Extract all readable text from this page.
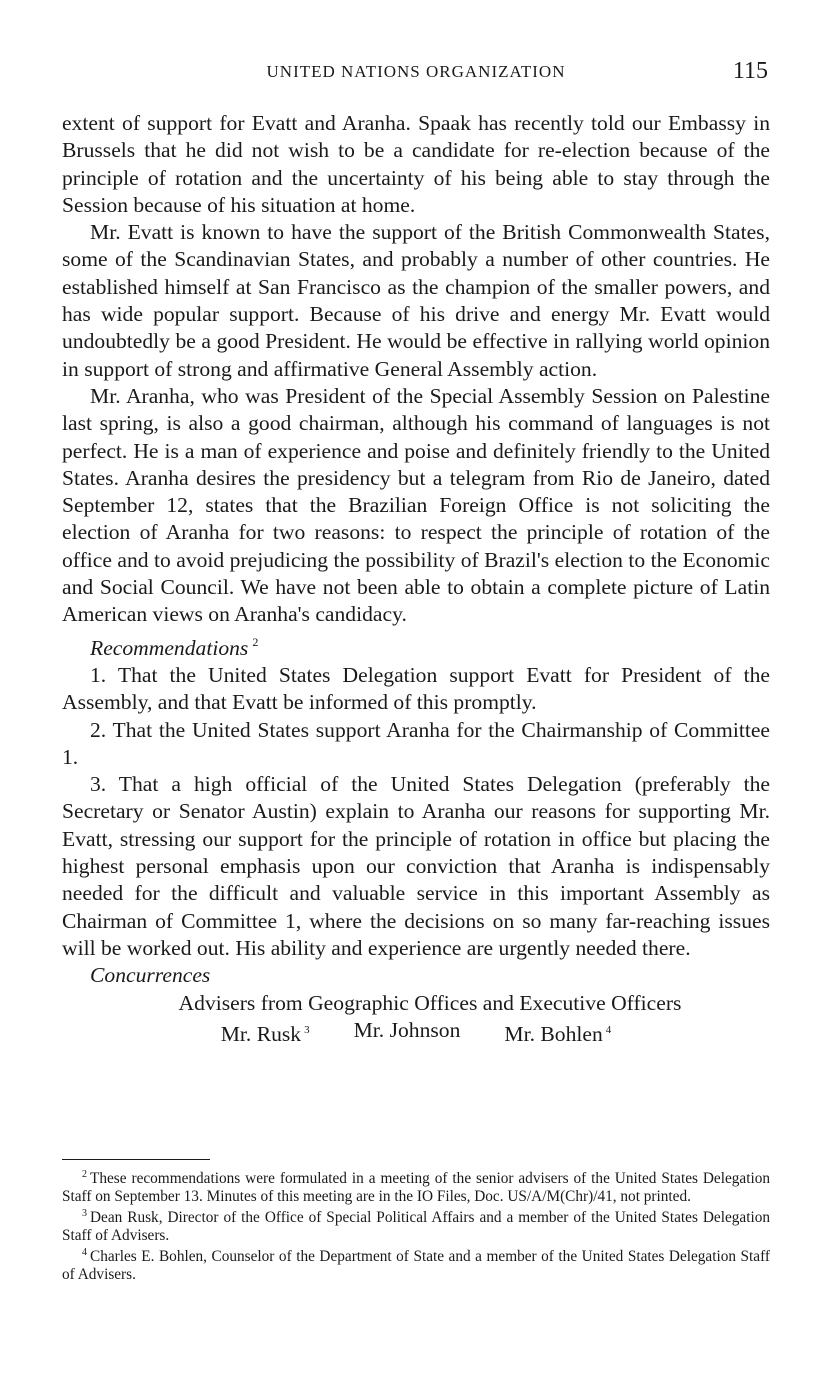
UNITED NATIONS ORGANIZATION	115

extent of support for Evatt and Aranha. Spaak has recently told our Embassy in Brussels that he did not wish to be a candidate for re-election because of the principle of rotation and the uncertainty of his being able to stay through the Session because of his situation at home.

Mr. Evatt is known to have the support of the British Commonwealth States, some of the Scandinavian States, and probably a number of other countries. He established himself at San Francisco as the champion of the smaller powers, and has wide popular support. Because of his drive and energy Mr. Evatt would undoubtedly be a good President. He would be effective in rallying world opinion in support of strong and affirmative General Assembly action.

Mr. Aranha, who was President of the Special Assembly Session on Palestine last spring, is also a good chairman, although his command of languages is not perfect. He is a man of experience and poise and definitely friendly to the United States. Aranha desires the presidency but a telegram from Rio de Janeiro, dated September 12, states that the Brazilian Foreign Office is not soliciting the election of Aranha for two reasons: to respect the principle of rotation of the office and to avoid prejudicing the possibility of Brazil's election to the Economic and Social Council. We have not been able to obtain a complete picture of Latin American views on Aranha's candidacy.

Recommendations $^2$

1. That the United States Delegation support Evatt for President of the Assembly, and that Evatt be informed of this promptly.

2. That the United States support Aranha for the Chairmanship of Committee 1.

3. That a high official of the United States Delegation (preferably the Secretary or Senator Austin) explain to Aranha our reasons for supporting Mr. Evatt, stressing our support for the principle of rotation in office but placing the highest personal emphasis upon our conviction that Aranha is indispensably needed for the difficult and valuable service in this important Assembly as Chairman of Committee 1, where the decisions on so many far-reaching issues will be worked out. His ability and experience are urgently needed there.

Concurrences

Advisers from Geographic Offices and Executive Officers

Mr. Rusk $^3$ Mr. Johnson Mr. Bohlen $^4$

$^2$ These recommendations were formulated in a meeting of the senior advisers of the United States Delegation Staff on September 13. Minutes of this meeting are in the IO Files, Doc. US/A/M(Chr)/41, not printed.

$^3$ Dean Rusk, Director of the Office of Special Political Affairs and a member of the United States Delegation Staff of Advisers.

$^4$ Charles E. Bohlen, Counselor of the Department of State and a member of the United States Delegation Staff of Advisers.
